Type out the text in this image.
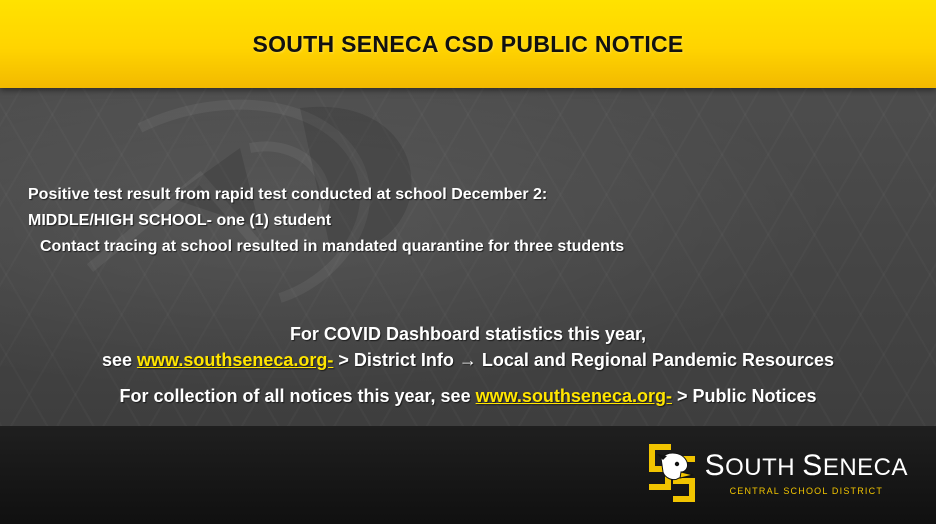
SOUTH SENECA CSD PUBLIC NOTICE
Positive test result from rapid test conducted at school December 2:
MIDDLE/HIGH SCHOOL- one (1) student
Contact tracing at school resulted in mandated quarantine for three students
For COVID Dashboard statistics this year,
see www.southseneca.org- > District Info → Local and Regional Pandemic Resources
For collection of all notices this year, see www.southseneca.org- > Public Notices
SOUTH SENECA
CENTRAL SCHOOL DISTRICT
